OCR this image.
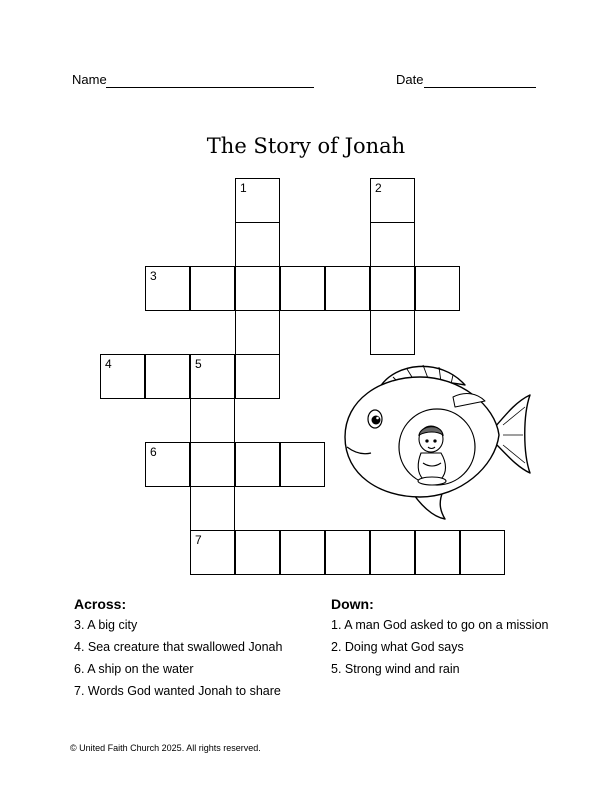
Name	Date
The Story of Jonah
1	2
3
4	5
6
7
Across:
3. A big city
4. Sea creature that swallowed Jonah
6. A ship on the water
7. Words God wanted Jonah to share
Down:
1. A man God asked to go on a mission
2. Doing what God says
5. Strong wind and rain
© United Faith Church 2025. All rights reserved.
